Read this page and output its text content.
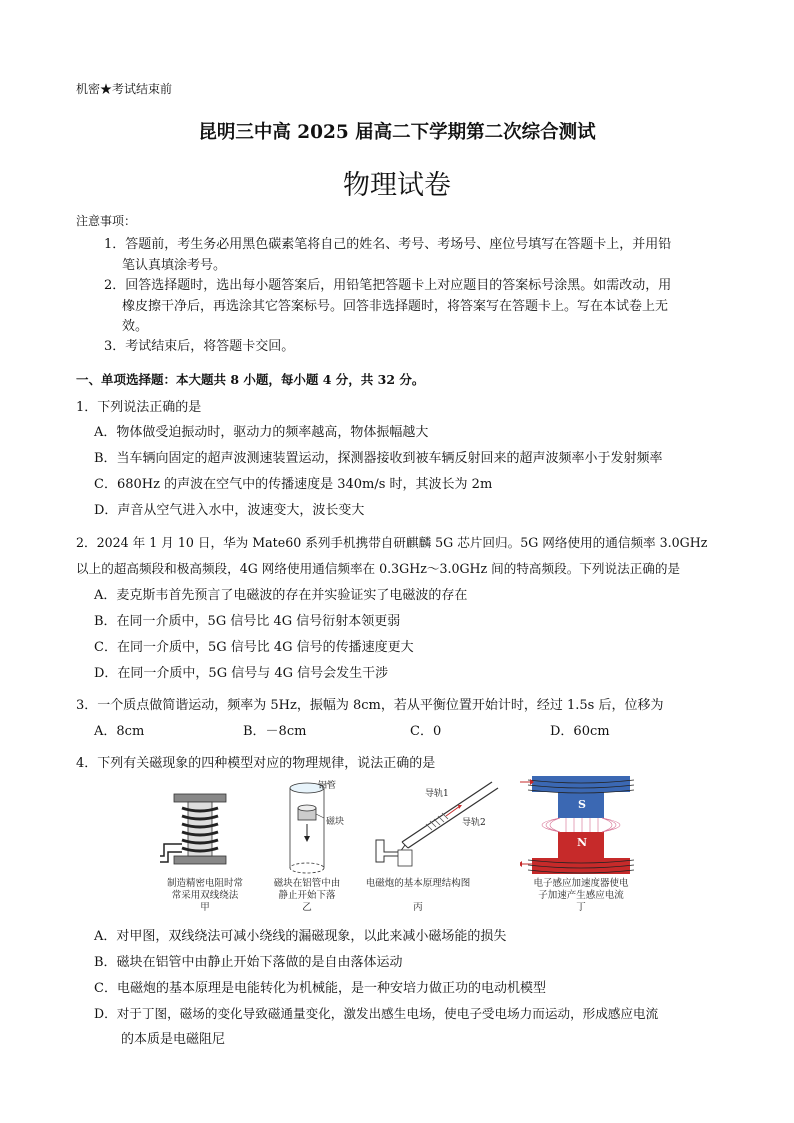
机密★考试结束前
昆明三中高 2025 届高二下学期第二次综合测试
物理试卷
注意事项：
1．答题前，考生务必用黑色碳素笔将自己的姓名、考号、考场号、座位号填写在答题卡上，并用铅
笔认真填涂考号。
2．回答选择题时，选出每小题答案后，用铅笔把答题卡上对应题目的答案标号涂黑。如需改动，用
橡皮擦干净后，再选涂其它答案标号。回答非选择题时，将答案写在答题卡上。写在本试卷上无
效。
3．考试结束后，将答题卡交回。
一、单项选择题：本大题共 8 小题，每小题 4 分，共 32 分。
1．下列说法正确的是
A．物体做受迫振动时，驱动力的频率越高，物体振幅越大
B．当车辆向固定的超声波测速装置运动，探测器接收到被车辆反射回来的超声波频率小于发射频率
C．680Hz 的声波在空气中的传播速度是 340m/s 时，其波长为 2m
D．声音从空气进入水中，波速变大，波长变大
2．2024 年 1 月 10 日，华为 Mate60 系列手机携带自研麒麟 5G 芯片回归。5G 网络使用的通信频率 3.0GHz
以上的超高频段和极高频段，4G 网络使用通信频率在 0.3GHz～3.0GHz 间的特高频段。下列说法正确的是
A．麦克斯韦首先预言了电磁波的存在并实验证实了电磁波的存在
B．在同一介质中，5G 信号比 4G 信号衍射本领更弱
C．在同一介质中，5G 信号比 4G 信号的传播速度更大
D．在同一介质中，5G 信号与 4G 信号会发生干涉
3．一个质点做简谐运动，频率为 5Hz，振幅为 8cm，若从平衡位置开始计时，经过 1.5s 后，位移为
A．8cm	B．－8cm	C．0	D．60cm
4．下列有关磁现象的四种模型对应的物理规律，说法正确的是
制造精密电阻时常
常采用双线绕法
甲
铝管
磁块
磁块在铝管中由
静止开始下落
乙
导轨1
导轨2
电磁炮的基本原理结构图

丙
S
N
电子感应加速度器使电
子加速产生感应电流
丁
A．对甲图，双线绕法可减小绕线的漏磁现象，以此来减小磁场能的损失
B．磁块在铝管中由静止开始下落做的是自由落体运动
C．电磁炮的基本原理是电能转化为机械能，是一种安培力做正功的电动机模型
D．对于丁图，磁场的变化导致磁通量变化，激发出感生电场，使电子受电场力而运动，形成感应电流
的本质是电磁阻尼
